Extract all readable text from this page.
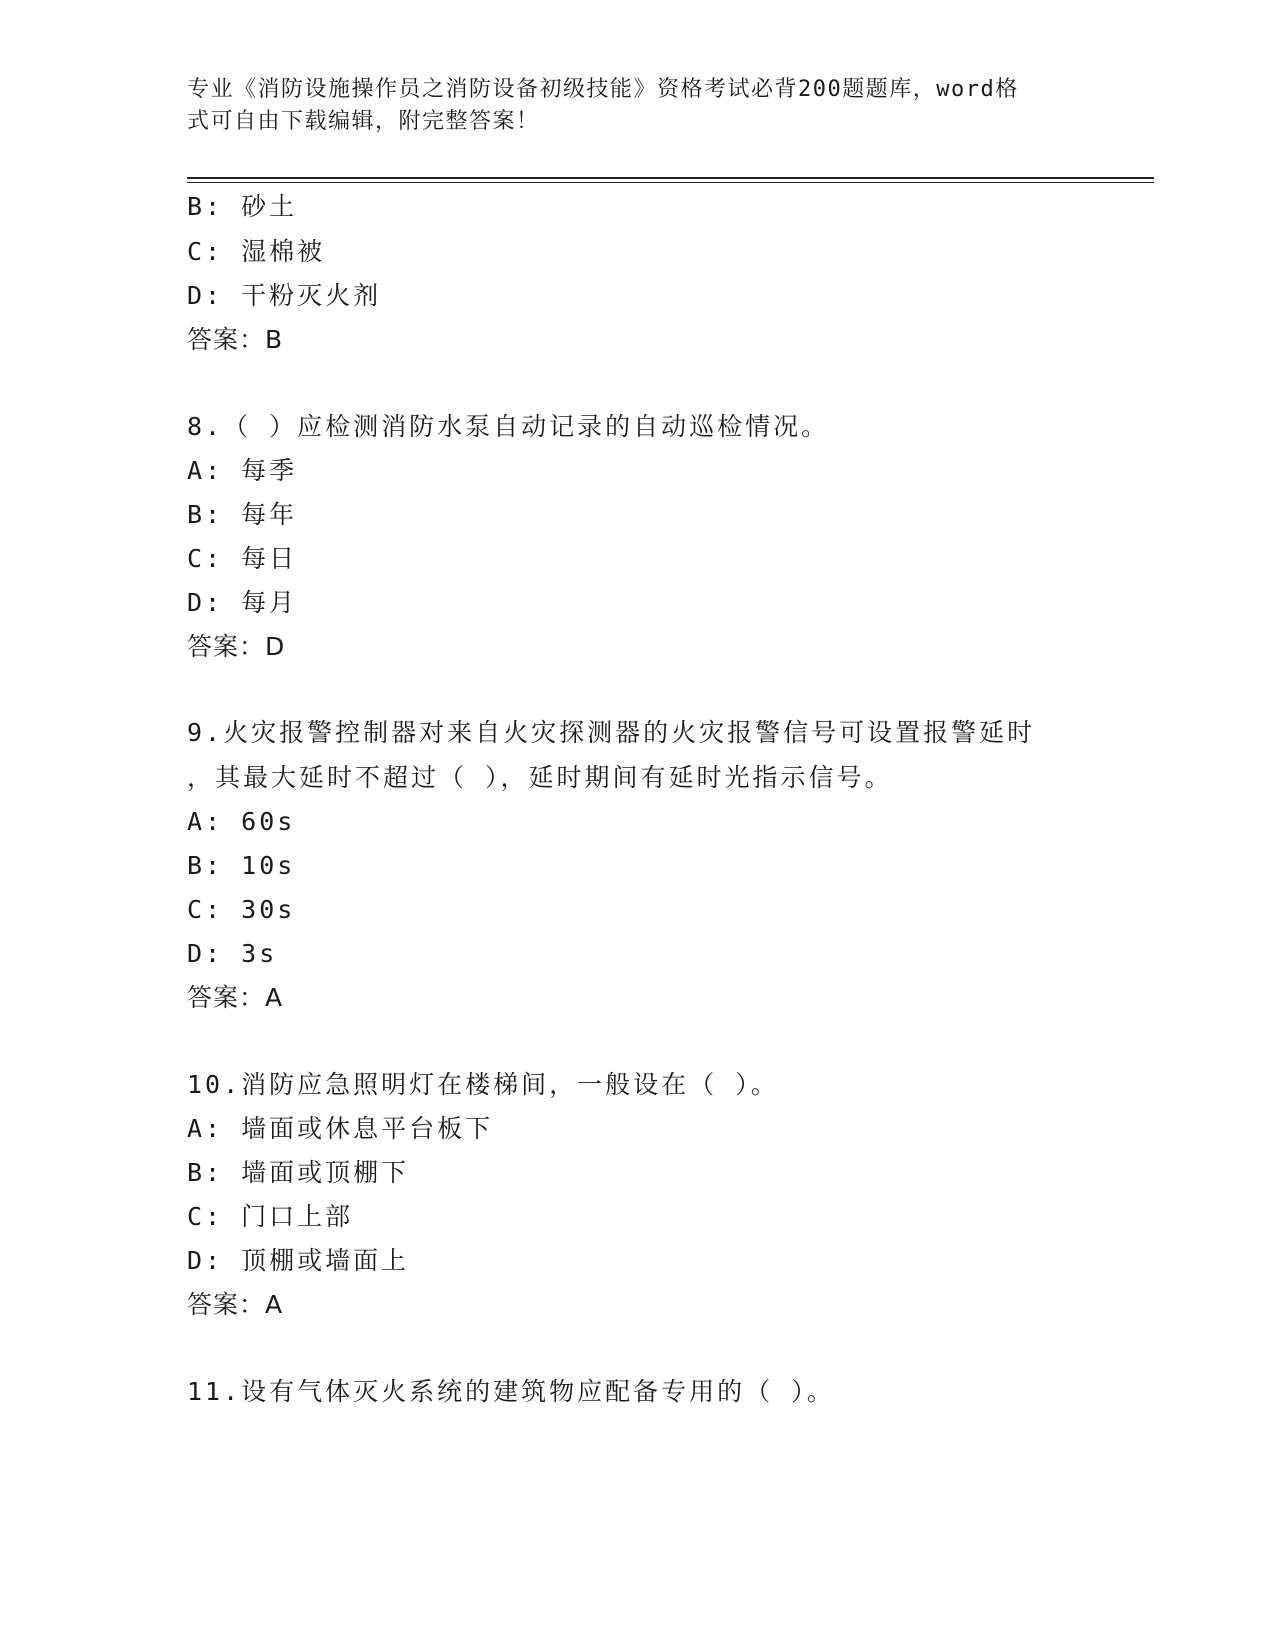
专业《消防设施操作员之消防设备初级技能》资格考试必背200题题库，word格
式可自由下载编辑，附完整答案！
B: 砂土
C: 湿棉被
D: 干粉灭火剂
答案：B
8.（ ）应检测消防水泵自动记录的自动巡检情况。
A: 每季
B: 每年
C: 每日
D: 每月
答案：D
9.火灾报警控制器对来自火灾探测器的火灾报警信号可设置报警延时
，其最大延时不超过（ ），延时期间有延时光指示信号。
A: 60s
B: 10s
C: 30s
D: 3s
答案：A
10.消防应急照明灯在楼梯间，一般设在（ ）。
A: 墙面或休息平台板下
B: 墙面或顶棚下
C: 门口上部
D: 顶棚或墙面上
答案：A
11.设有气体灭火系统的建筑物应配备专用的（ ）。
